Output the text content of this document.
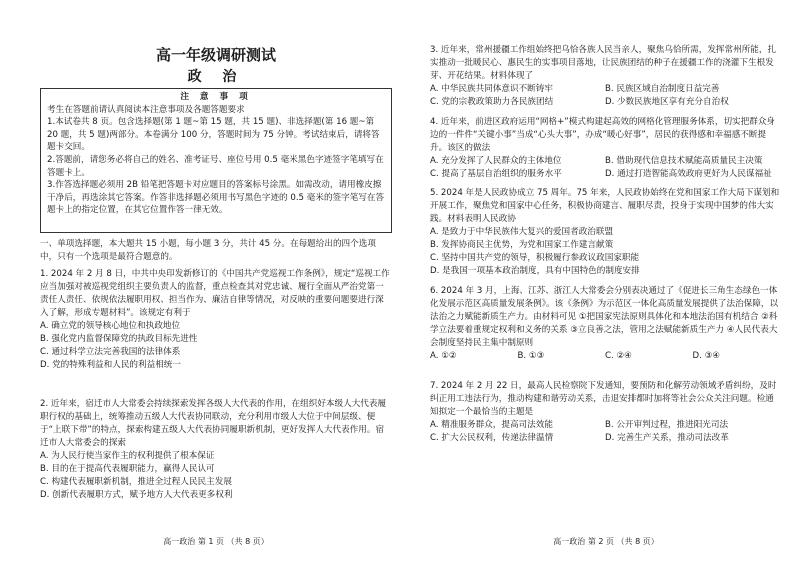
高一年级调研测试
政 治

注 意 事 项

考生在答题前请认真阅读本注意事项及各题答题要求

1.本试卷共 8 页。包含选择题(第 1 题~第 15 题，共 15 题)、非选择题(第 16 题~第 20 题，共 5 题)两部分。本卷满分 100 分，答题时间为 75 分钟。考试结束后，请将答题卡交回。

2.答题前，请您务必将自己的姓名、准考证号、座位号用 0.5 毫米黑色字迹签字笔填写在答题卡上。

3.作答选择题必须用 2B 铅笔把答题卡对应题目的答案标号涂黑。如需改动，请用橡皮擦干净后，再选涂其它答案。作答非选择题必须用书写黑色字迹的 0.5 毫米的签字笔写在答题卡上的指定位置，在其它位置作答一律无效。

一、单项选择题，本大题共 15 小题，每小题 3 分，共计 45 分。在每题给出的四个选项中，只有一个选项是最符合题意的。

1. 2024 年 2 月 8 日，中共中央印发新修订的《中国共产党巡视工作条例》，规定“巡视工作应当加强对被巡视党组织主要负责人的监督，重点检查其对党忠诚、履行全面从严治党第一责任人责任、依规依法履职用权、担当作为、廉洁自律等情况，对反映的重要问题要进行深入了解，形成专题材料”。该规定有利于

A. 确立党的领导核心地位和执政地位

B. 强化党内监督保障党的执政目标先进性

C. 通过科学立法完善我国的法律体系

D. 党的特殊利益和人民的利益相统一

2. 近年来，宿迁市人大常委会持续探索发挥各级人大代表的作用，在组织好本级人大代表履职行权的基础上，统筹推动五级人大代表协同联动，充分利用市级人大位于中间层级、便于“上联下带”的特点，探索构建五级人大代表协同履职新机制，更好发挥人大代表作用。宿迁市人大常委会的探索

A. 为人民行使当家作主的权利提供了根本保证

B. 目的在于提高代表履职能力，赢得人民认可

C. 构建代表履职新机制，推进全过程人民民主发展

D. 创新代表履职方式，赋予地方人大代表更多权利

高一政治 第 1 页 （共 8 页）

3. 近年来，常州援疆工作组始终把乌恰各族人民当亲人，聚焦乌恰所需，发挥常州所能，扎实推动一批暖民心、惠民生的实事项目落地，让民族团结的种子在援疆工作的浇灌下生根发芽、开花结果。材料体现了

A. 中华民族共同体意识不断铸牢	B. 民族区域自治制度日益完善

C. 党的宗教政策助力各民族团结	D. 少数民族地区享有充分自治权

4. 近年来，前进区政府运用“网格+”模式构建起高效的网格化管理服务体系，切实把群众身边的一件件“关键小事”当成“心头大事”，办成“暖心好事”，居民的获得感和幸福感不断提升。该区的做法

A. 充分发挥了人民群众的主体地位	B. 借助现代信息技术赋能高质量民主决策

C. 提高了基层自治组织的服务水平	D. 通过打造智能高效政府更好为人民谋福祉

5. 2024 年是人民政协成立 75 周年。75 年来，人民政协始终在党和国家工作大局下谋划和开展工作，聚焦党和国家中心任务，积极协商建言、履职尽责，投身于实现中国梦的伟大实践。材料表明人民政协

A. 是致力于中华民族伟大复兴的爱国者政治联盟

B. 发挥协商民主优势，为党和国家工作建言献策

C. 坚持中国共产党的领导，积极履行参政议政国家职能

D. 是我国一项基本政治制度，具有中国特色的制度安排

6. 2024 年 3 月，上海、江苏、浙江人大常委会分别表决通过了《促进长三角生态绿色一体化发展示范区高质量发展条例》。该《条例》为示范区一体化高质量发展提供了法治保障，以法治之力赋能新质生产力。由材料可见 ①把国家宪法原则具体化和本地法治国有机结合 ②科学立法要着重规定权利和义务的关系 ③立良善之法，管用之法赋能新质生产力 ④人民代表大会制度坚持民主集中制原则

A. ①②	B. ①③	C. ②④	D. ③④

7. 2024 年 2 月 22 日，最高人民检察院下发通知，要预防和化解劳动领域矛盾纠纷，及时纠正用工违法行为，推动构建和谐劳动关系，击退安排都时加将等社会公众关注问题。检通知拟定一个最恰当的主题是

A. 精准服务群众，提高司法效能	B. 公开审判过程，推进阳光司法

C. 扩大公民权利，传递法律温情	D. 完善生产关系，推动司法改革

高一政治 第 2 页 （共 8 页）
